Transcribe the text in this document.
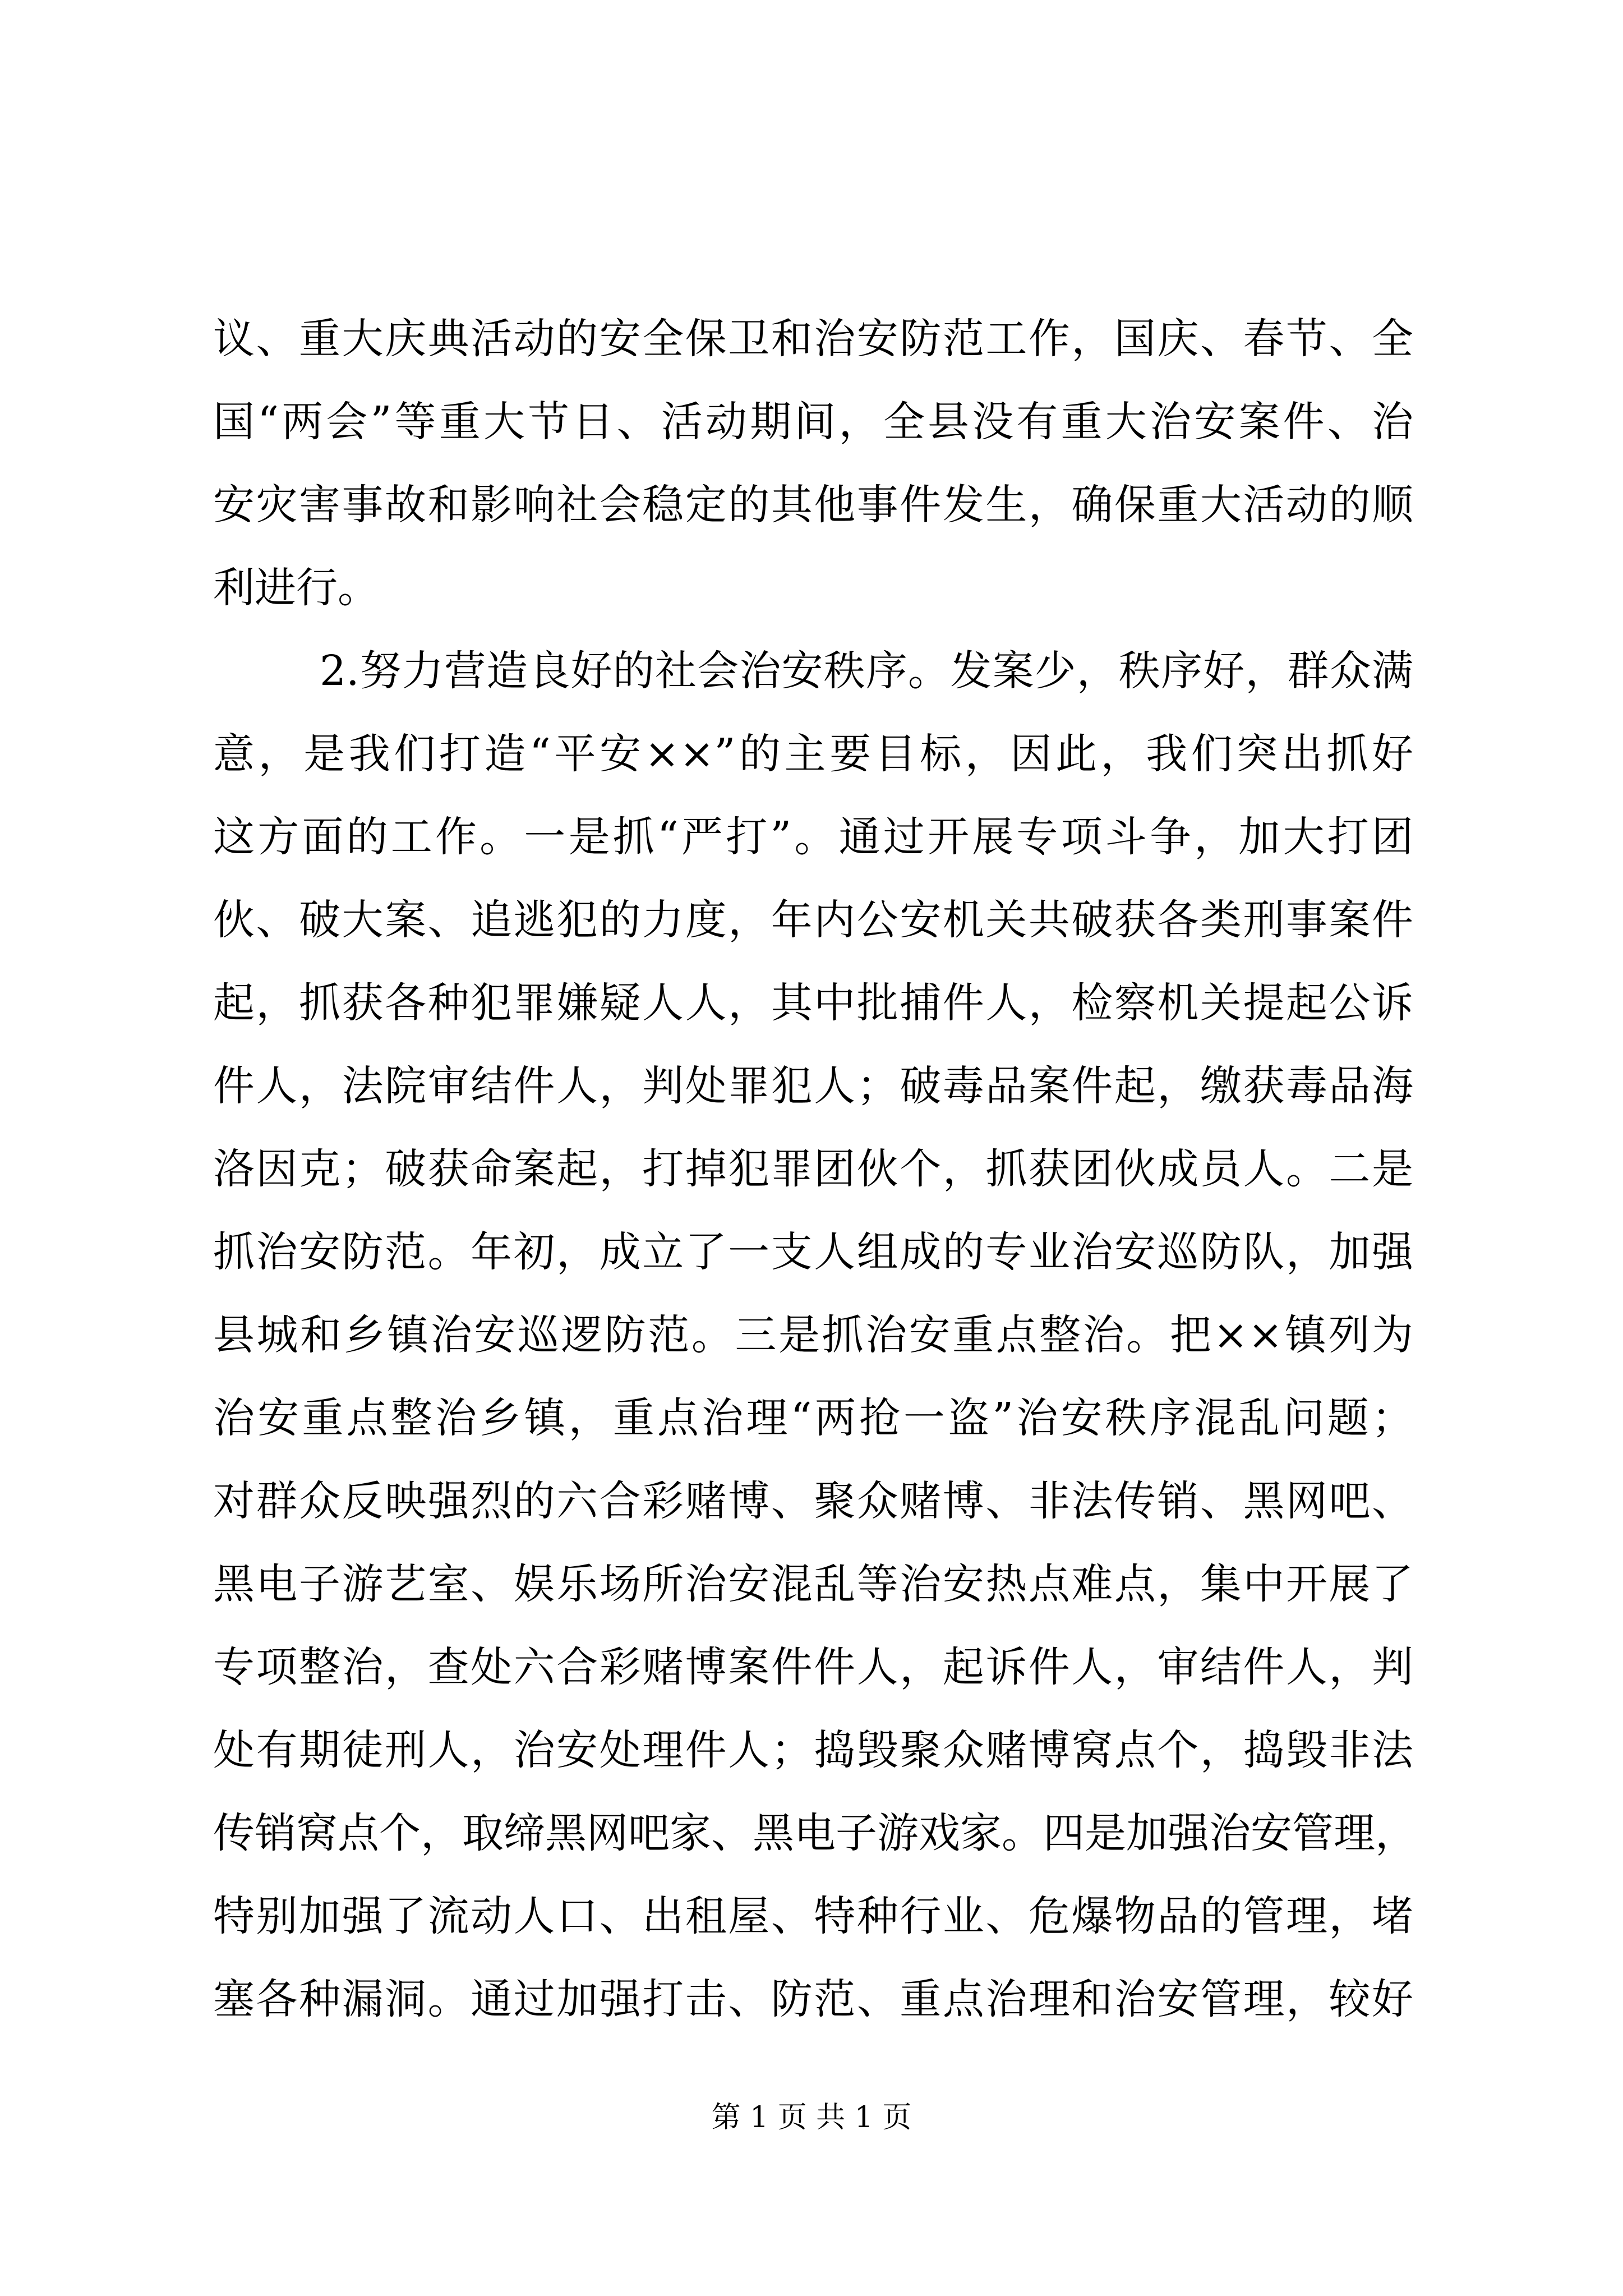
议、重大庆典活动的安全保卫和治安防范工作，国庆、春节、全
国“两会”等重大节日、活动期间，全县没有重大治安案件、治
安灾害事故和影响社会稳定的其他事件发生，确保重大活动的顺
利进行。
2.努力营造良好的社会治安秩序。发案少，秩序好，群众满
意，是我们打造“平安××”的主要目标，因此，我们突出抓好
这方面的工作。一是抓“严打”。通过开展专项斗争，加大打团
伙、破大案、追逃犯的力度，年内公安机关共破获各类刑事案件
起，抓获各种犯罪嫌疑人人，其中批捕件人，检察机关提起公诉
件人，法院审结件人，判处罪犯人；破毒品案件起，缴获毒品海
洛因克；破获命案起，打掉犯罪团伙个，抓获团伙成员人。二是
抓治安防范。年初，成立了一支人组成的专业治安巡防队，加强
县城和乡镇治安巡逻防范。三是抓治安重点整治。把××镇列为
治安重点整治乡镇，重点治理“两抢一盗”治安秩序混乱问题；
对群众反映强烈的六合彩赌博、聚众赌博、非法传销、黑网吧、
黑电子游艺室、娱乐场所治安混乱等治安热点难点，集中开展了
专项整治，查处六合彩赌博案件件人，起诉件人，审结件人，判
处有期徒刑人，治安处理件人；捣毁聚众赌博窝点个，捣毁非法
传销窝点个，取缔黑网吧家、黑电子游戏家。四是加强治安管理，
特别加强了流动人口、出租屋、特种行业、危爆物品的管理，堵
塞各种漏洞。通过加强打击、防范、重点治理和治安管理，较好
第 1 页 共 1 页
